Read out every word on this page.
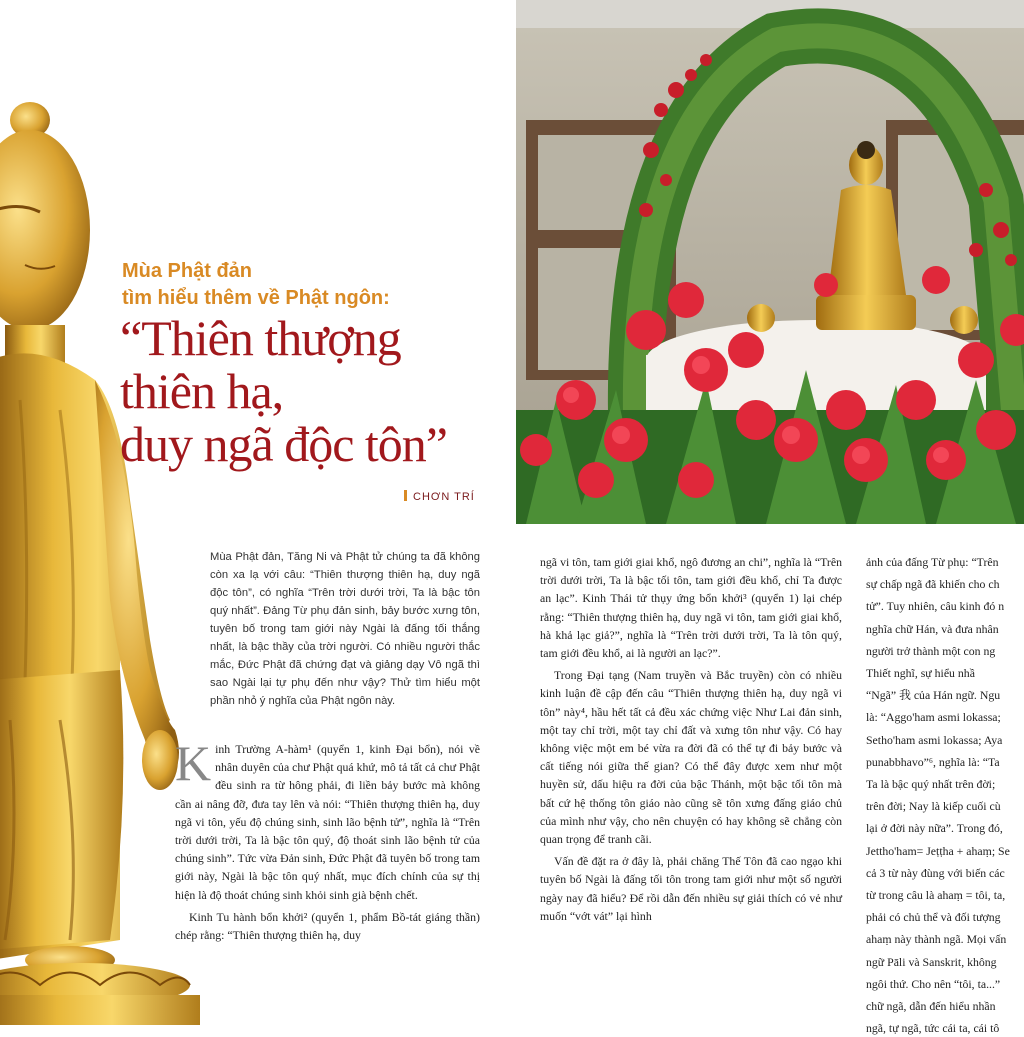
Mùa Phật đản
tìm hiểu thêm về Phật ngôn:
“Thiên thượng
thiên hạ,
duy ngã độc tôn”
CHƠN TRÍ
Mùa Phật đản, Tăng Ni và Phật tử chúng ta đã không còn xa lạ với câu: “Thiên thượng thiên hạ, duy ngã độc tôn”, có nghĩa “Trên trời dưới trời, Ta là bậc tôn quý nhất”. Đảng Từ phụ đản sinh, bảy bước xưng tôn, tuyên bố trong tam giới này Ngài là đấng tối thắng nhất, là bậc thầy của trời người. Có nhiều người thắc mắc, Đức Phật đã chứng đạt và giảng dạy Vô ngã thì sao Ngài lại tự phụ đến như vậy? Thử tìm hiểu một phần nhỏ ý nghĩa của Phật ngôn này.

Kinh Trường A-hàm¹ (quyển 1, kinh Đại bổn), nói về nhân duyên của chư Phật quá khứ, mô tả tất cả chư Phật đều sinh ra từ hông phải, đi liền bảy bước mà không cần ai nâng đỡ, đưa tay lên và nói: “Thiên thượng thiên hạ, duy ngã vi tôn, yếu độ chúng sinh, sinh lão bệnh tử”, nghĩa là “Trên trời dưới trời, Ta là bậc tôn quý, độ thoát sinh lão bệnh tử của chúng sinh”. Tức vừa Đản sinh, Đức Phật đã tuyên bố trong tam giới này, Ngài là bậc tôn quý nhất, mục đích chính của sự thị hiện là độ thoát chúng sinh khỏi sinh già bệnh chết.

Kinh Tu hành bổn khởi² (quyển 1, phẩm Bồ-tát giáng thần) chép rằng: “Thiên thượng thiên hạ, duy

ngã vi tôn, tam giới giai khổ, ngô đương an chi”, nghĩa là “Trên trời dưới trời, Ta là bậc tối tôn, tam giới đều khổ, chỉ Ta được an lạc”. Kinh Thái tử thụy ứng bổn khởi³ (quyển 1) lại chép rằng: “Thiên thượng thiên hạ, duy ngã vi tôn, tam giới giai khổ, hà khả lạc giả?”, nghĩa là “Trên trời dưới trời, Ta là tôn quý, tam giới đều khổ, ai là người an lạc?”.

Trong Đại tạng (Nam truyền và Bắc truyền) còn có nhiều kinh luận đề cập đến câu “Thiên thượng thiên hạ, duy ngã vi tôn” này⁴, hầu hết tất cả đều xác chứng việc Như Lai đản sinh, một tay chỉ trời, một tay chỉ đất và xưng tôn như vậy. Có hay không việc một em bé vừa ra đời đã có thể tự đi bảy bước và cất tiếng nói giữa thế gian? Có thể đây được xem như một huyền sử, dấu hiệu ra đời của bậc Thánh, một bậc tối tôn mà bất cứ hệ thống tôn giáo nào cũng sẽ tôn xưng đấng giáo chủ của mình như vậy, cho nên chuyện có hay không sẽ chẳng còn quan trọng để tranh cãi.

Vấn đề đặt ra ở đây là, phải chăng Thế Tôn đã cao ngạo khi tuyên bố Ngài là đấng tối tôn trong tam giới như một số người ngày nay đã hiểu? Để rồi dẫn đến nhiều sự giải thích có vẻ như muốn “vớt vát” lại hình

ảnh của đấng Từ phụ: “Trên

sự chấp ngã đã khiến cho ch

tử”. Tuy nhiên, câu kinh đó n

nghĩa chữ Hán, và đưa nhân

người trở thành một con ng

Thiết nghĩ, sự hiểu nhầ

“Ngã” 我 của Hán ngữ. Ngu

là: “Aggo'ham asmi lokassa;

Setho'ham asmi lokassa; Aya

punabbhavo”⁶, nghĩa là: “Ta

Ta là bậc quý nhất trên đời;

trên đời; Nay là kiếp cuối cù

lại ở đời này nữa”. Trong đó,

Jettho'ham= Jeṭṭha + ahaṃ; Se

cả 3 từ này đùng với biến các

từ trong câu là ahaṃ = tôi, ta,

phải có chủ thể và đối tượng

ahaṃ này thành ngã. Mọi vấn

ngữ Pāli và Sanskrit, không

ngôi thứ. Cho nên “tôi, ta...”

chữ ngã, dẫn đến hiểu nhần

ngã, tự ngã, tức cái ta, cái tô
